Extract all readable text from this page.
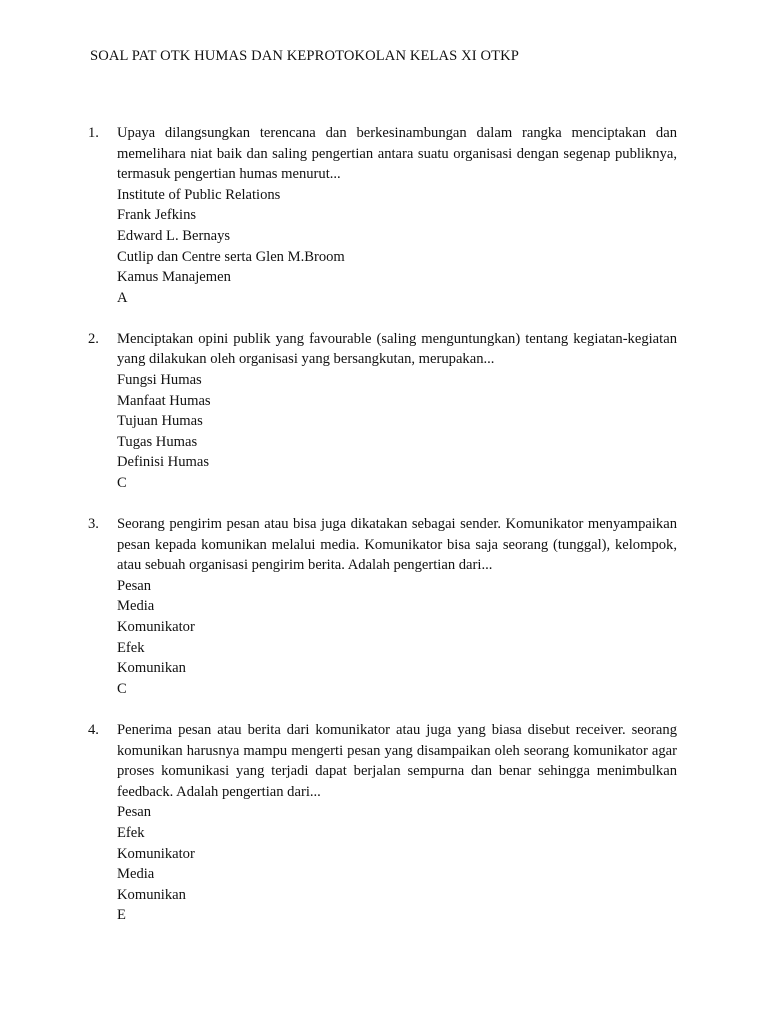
SOAL PAT OTK HUMAS DAN KEPROTOKOLAN KELAS XI OTKP
1. Upaya dilangsungkan terencana dan berkesinambungan dalam rangka menciptakan dan memelihara niat baik dan saling pengertian antara suatu organisasi dengan segenap publiknya, termasuk pengertian humas menurut...

Institute of Public Relations
Frank Jefkins
Edward L. Bernays
Cutlip dan Centre serta Glen M.Broom
Kamus Manajemen
A
2. Menciptakan opini publik yang favourable (saling menguntungkan) tentang kegiatan-kegiatan yang dilakukan oleh organisasi yang bersangkutan, merupakan...

Fungsi Humas
Manfaat Humas
Tujuan Humas
Tugas Humas
Definisi Humas
C
3. Seorang pengirim pesan atau bisa juga dikatakan sebagai sender. Komunikator menyampaikan pesan kepada komunikan melalui media. Komunikator bisa saja seorang (tunggal), kelompok, atau sebuah organisasi pengirim berita. Adalah pengertian dari...

Pesan
Media
Komunikator
Efek
Komunikan
C
4. Penerima pesan atau berita dari komunikator atau juga yang biasa disebut receiver. seorang komunikan harusnya mampu mengerti pesan yang disampaikan oleh seorang komunikator agar proses komunikasi yang terjadi dapat berjalan sempurna dan benar sehingga menimbulkan feedback. Adalah pengertian dari...

Pesan
Efek
Komunikator
Media
Komunikan
E
